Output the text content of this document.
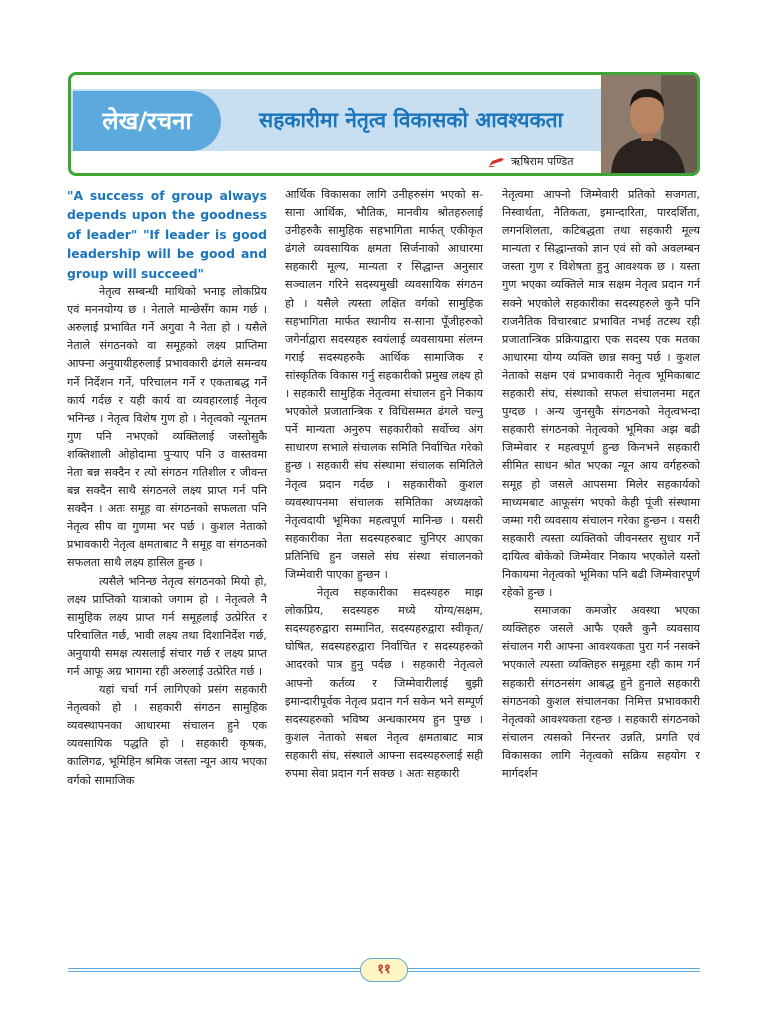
लेख/रचना	सहकारीमा नेतृत्व विकासको आवश्यकता
ऋषिराम पण्डित

"A success of group always depends upon the goodness of leader" "If leader is good leadership will be good and group will succeed"

नेतृत्व सम्बन्धी माथिको भनाइ लोकप्रिय एवं मननयोग्य छ । नेताले मान्छेसँग काम गर्छ । अरुलाई प्रभावित गर्ने अगुवा नै नेता हो । यसैले नेताले संगठनको वा समूहको लक्ष्य प्राप्तिमा आफ्ना अनुयायीहरुलाई प्रभावकारी ढंगले समन्वय गर्ने निर्देशन गर्ने, परिचालन गर्ने र एकताबद्ध गर्ने कार्य गर्दछ र यही कार्य वा व्यवहारलाई नेतृत्व भनिन्छ । नेतृत्व विशेष गुण हो । नेतृत्वको न्यूनतम गुण पनि नभएको व्यक्तिलाई जस्तोसुकै शक्तिशाली ओहोदामा पुऱ्याए पनि उ वास्तवमा नेता बन्न सक्दैन र त्यो संगठन गतिशील र जीवन्त बन्न सक्दैन साथै संगठनले लक्ष्य प्राप्त गर्न पनि सक्दैन । अतः समूह वा संगठनको सफलता पनि नेतृत्व सीप वा गुणमा भर पर्छ । कुशल नेताको प्रभावकारी नेतृत्व क्षमताबाट नै समूह वा संगठनको सफलता साथै लक्ष्य हासिल हुन्छ ।

त्यसैले भनिन्छ नेतृत्व संगठनको मियो हो, लक्ष्य प्राप्तिको यात्राको जगाम हो । नेतृत्वले नै सामुहिक लक्ष्य प्राप्त गर्न समूहलाई उत्प्रेरित र परिचालित गर्छ, भावी लक्ष्य तथा दिशानिर्देश गर्छ, अनुयायी समक्ष त्यसलाई संचार गर्छ र लक्ष्य प्राप्त गर्न आफू अग्र भागमा रही अरुलाई उत्प्रेरित गर्छ ।

यहां चर्चा गर्न लागिएको प्रसंग सहकारी नेतृत्वको हो । सहकारी संगठन सामुहिक व्यवस्थापनका आधारमा संचालन हुने एक व्यवसायिक पद्धति हो । सहकारी कृषक, कालिगढ, भूमिहिन श्रमिक जस्ता न्यून आय भएका वर्गको सामाजिक

आर्थिक विकासका लागि उनीहरुसंग भएको स-साना आर्थिक, भौतिक, मानवीय श्रोतहरुलाई उनीहरुकै सामुहिक सहभागिता मार्फत् एकीकृत ढंगले व्यवसायिक क्षमता सिर्जनाको आधारमा सहकारी मूल्य, मान्यता र सिद्धान्त अनुसार सञ्चालन गरिने सदस्यमुखी व्यवसायिक संगठन हो । यसैले त्यस्ता लक्षित वर्गको सामुहिक सहभागिता मार्फत स्थानीय स-साना पूँजीहरुको जगेर्नाद्वारा सदस्यहरु स्वयंलाई व्यवसायमा संलग्न गराई सदस्यहरुकै आर्थिक सामाजिक र सांस्कृतिक विकास गर्नु सहकारीको प्रमुख लक्ष्य हो । सहकारी सामुहिक नेतृत्वमा संचालन हुने निकाय भएकोले प्रजातान्त्रिक र विधिसम्मत ढंगले चल्नु पर्ने मान्यता अनुरुप सहकारीको सर्वोच्च अंग साधारण सभाले संचालक समिति निर्वाचित गरेको हुन्छ । सहकारी संघ संस्थामा संचालक समितिले नेतृत्व प्रदान गर्दछ । सहकारीको कुशल व्यवस्थापनमा संचालक समितिका अध्यक्षको नेतृत्वदायी भूमिका महत्वपूर्ण मानिन्छ । यसरी सहकारीका नेता सदस्यहरुबाट चुनिएर आएका प्रतिनिधि हुन जसले संघ संस्था संचालनको जिम्मेवारी पाएका हुन्छन ।

नेतृत्व सहकारीका सदस्यहरु माझ लोकप्रिय, सदस्यहरु मध्ये योग्य/सक्षम, सदस्यहरुद्वारा सम्मानित, सदस्यहरुद्वारा स्वीकृत/घोषित, सदस्यहरुद्वारा निर्वाचित र सदस्यहरुको आदरको पात्र हुनु पर्दछ । सहकारी नेतृत्वले आफ्नो कर्तव्य र जिम्मेवारीलाई बुझी इमान्दारीपूर्वक नेतृत्व प्रदान गर्न सकेन भने सम्पूर्ण सदस्यहरुको भविष्य अन्धकारमय हुन पुग्छ । कुशल नेताको सबल नेतृत्व क्षमताबाट मात्र सहकारी संघ, संस्थाले आफ्ना सदस्यहरुलाई सही रुपमा सेवा प्रदान गर्न सक्छ । अतः सहकारी

नेतृत्वमा आफ्नो जिम्मेवारी प्रतिको सजगता, निस्वार्थता, नैतिकता, इमान्दारिता, पारदर्शिता, लगनशिलता, कटिबद्धता तथा सहकारी मूल्य मान्यता र सिद्धान्तको ज्ञान एवं सो को अवलम्बन जस्ता गुण र विशेषता हुनु आवश्यक छ । यस्ता गुण भएका व्यक्तिले मात्र सक्षम नेतृत्व प्रदान गर्न सक्ने भएकोले सहकारीका सदस्यहरुले कुनै पनि राजनैतिक विचारबाट प्रभावित नभई तटस्थ रही प्रजातान्त्रिक प्रक्रियाद्वारा एक सदस्य एक मतका आधारमा योग्य व्यक्ति छान्न सक्नु पर्छ । कुशल नेताको सक्षम एवं प्रभावकारी नेतृत्व भूमिकाबाट सहकारी संघ, संस्थाको सफल संचालनमा मद्दत पुग्दछ । अन्य जुनसुकै संगठनको नेतृत्वभन्दा सहकारी संगठनको नेतृत्वको भूमिका अझ बढी जिम्मेवार र महत्वपूर्ण हुन्छ किनभने सहकारी सीमित साधन श्रोत भएका न्यून आय वर्गहरुको समूह हो जसले आपसमा मिलेर सहकार्यको माध्यमबाट आफूसंग भएको केही पूंजी संस्थामा जम्मा गरी व्यवसाय संचालन गरेका हुन्छन । यसरी सहकारी त्यस्ता व्यक्तिको जीवनस्तर सुधार गर्ने दायित्व बोकेको जिम्मेवार निकाय भएकोले यस्तो निकायमा नेतृत्वको भूमिका पनि बढी जिम्मेवारपूर्ण रहेको हुन्छ ।

समाजका कमजोर अवस्था भएका व्यक्तिहरु जसले आफै एक्लै कुनै व्यवसाय संचालन गरी आफ्ना आवश्यकता पुरा गर्न नसक्ने भएकाले त्यस्ता व्यक्तिहरु समूहमा रही काम गर्न सहकारी संगठनसंग आबद्ध हुने हुनाले सहकारी संगठनको कुशल संचालनका निमित्त प्रभावकारी नेतृत्वको आवश्यकता रहन्छ । सहकारी संगठनको संचालन त्यसको निरन्तर उन्नति, प्रगति एवं विकासका लागि नेतृत्वको सक्रिय सहयोग र मार्गदर्शन

११
